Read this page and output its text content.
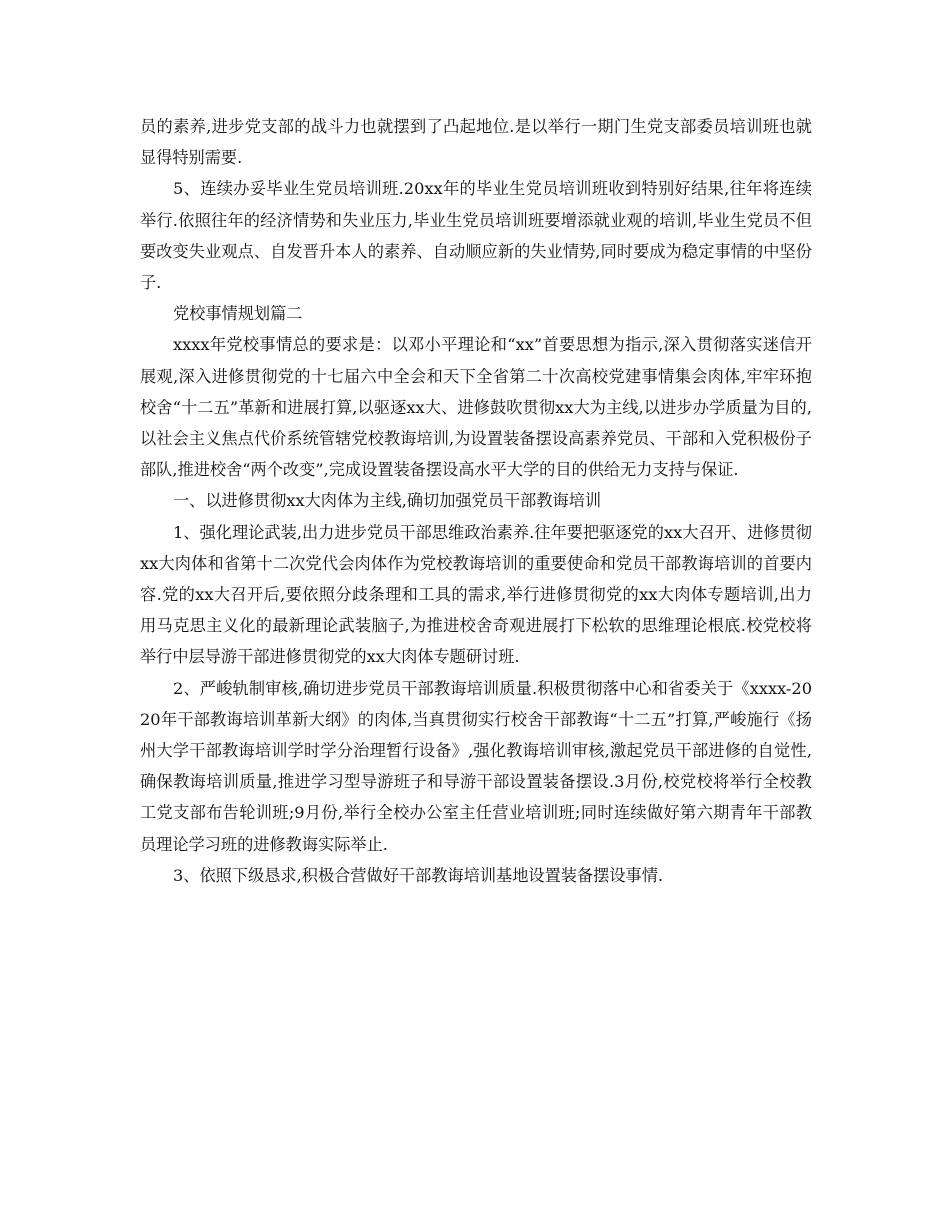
员的素养,进步党支部的战斗力也就摆到了凸起地位.是以举行一期门生党支部委员培训班也就显得特别需要.

5、连续办妥毕业生党员培训班.20xx年的毕业生党员培训班收到特别好结果,往年将连续举行.依照往年的经济情势和失业压力,毕业生党员培训班要增添就业观的培训,毕业生党员不但要改变失业观点、自发晋升本人的素养、自动顺应新的失业情势,同时要成为稳定事情的中坚份子.

党校事情规划篇二

xxxx年党校事情总的要求是：以邓小平理论和“xx”首要思想为指示,深入贯彻落实迷信开展观,深入进修贯彻党的十七届六中全会和天下全省第二十次高校党建事情集会肉体,牢牢环抱校舍“十二五”革新和进展打算,以驱逐xx大、进修鼓吹贯彻xx大为主线,以进步办学质量为目的,以社会主义焦点代价系统管辖党校教诲培训,为设置装备摆设高素养党员、干部和入党积极份子部队,推进校舍“两个改变”,完成设置装备摆设高水平大学的目的供给无力支持与保证.

一、以进修贯彻xx大肉体为主线,确切加强党员干部教诲培训

1、强化理论武装,出力进步党员干部思维政治素养.往年要把驱逐党的xx大召开、进修贯彻xx大肉体和省第十二次党代会肉体作为党校教诲培训的重要使命和党员干部教诲培训的首要内容.党的xx大召开后,要依照分歧条理和工具的需求,举行进修贯彻党的xx大肉体专题培训,出力用马克思主义化的最新理论武装脑子,为推进校舍奇观进展打下松软的思维理论根底.校党校将举行中层导游干部进修贯彻党的xx大肉体专题研讨班.

2、严峻轨制审核,确切进步党员干部教诲培训质量.积极贯彻落中心和省委关于《xxxx-2020年干部教诲培训革新大纲》的肉体,当真贯彻实行校舍干部教诲“十二五”打算,严峻施行《扬州大学干部教诲培训学时学分治理暂行设备》,强化教诲培训审核,激起党员干部进修的自觉性,确保教诲培训质量,推进学习型导游班子和导游干部设置装备摆设.3月份,校党校将举行全校教工党支部布告轮训班;9月份,举行全校办公室主任营业培训班;同时连续做好第六期青年干部教员理论学习班的进修教诲实际举止.

3、依照下级恳求,积极合营做好干部教诲培训基地设置装备摆设事情.
